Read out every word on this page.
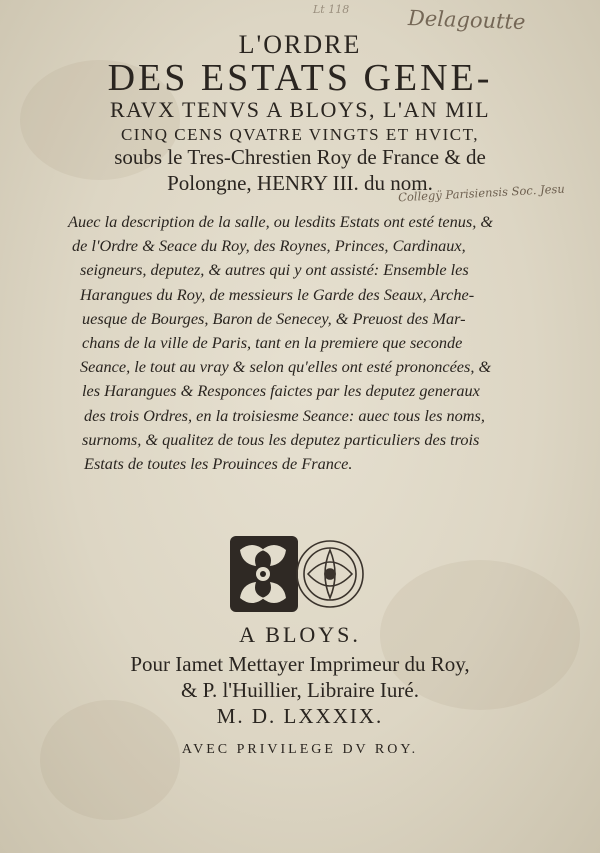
Lt 118	Delagoutte
Collegÿ Parisiensis Soc. Jesu
L'ORDRE
DES ESTATS GENE-
RAVX TENVS A BLOYS, L'AN MIL
CINQ CENS QVATRE VINGTS ET HVICT,
soubs le Tres-Chrestien Roy de France & de
Polongne, HENRY III. du nom.
Auec la description de la salle, ou lesdits Estats ont esté tenus, &
de l'Ordre & Seace du Roy, des Roynes, Princes, Cardinaux,
seigneurs, deputez, & autres qui y ont assisté: Ensemble les
Harangues du Roy, de messieurs le Garde des Seaux, Arche-
uesque de Bourges, Baron de Senecey, & Preuost des Mar-
chans de la ville de Paris, tant en la premiere que seconde
Seance, le tout au vray & selon qu'elles ont esté prononcées, &
les Harangues & Responces faictes par les deputez generaux
des trois Ordres, en la troisiesme Seance: auec tous les noms,
surnoms, & qualitez de tous les deputez particuliers des trois
Estats de toutes les Prouinces de France.
A BLOYS.
Pour Iamet Mettayer Imprimeur du Roy,
& P. l'Huillier, Libraire Iuré.
M. D. LXXXIX.
AVEC PRIVILEGE DV ROY.
